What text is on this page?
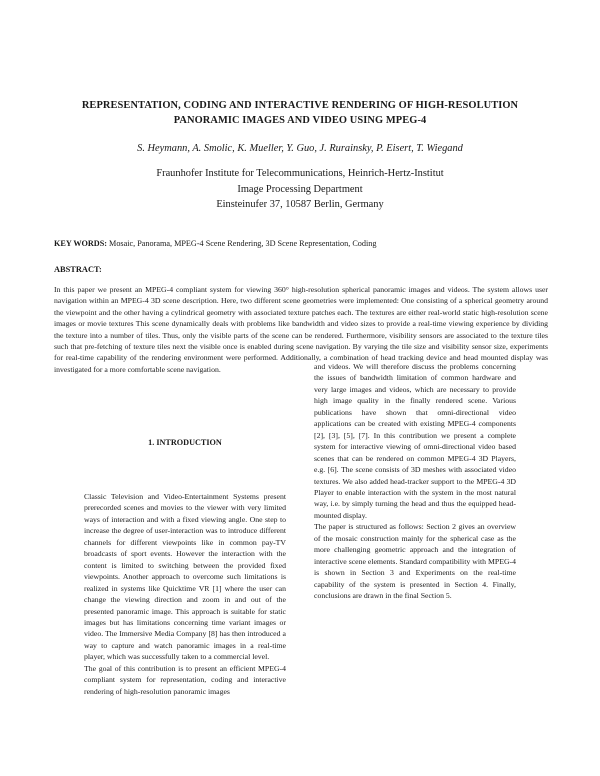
REPRESENTATION, CODING AND INTERACTIVE RENDERING OF HIGH-RESOLUTION PANORAMIC IMAGES AND VIDEO USING MPEG-4
S. Heymann, A. Smolic, K. Mueller, Y. Guo, J. Rurainsky, P. Eisert, T. Wiegand
Fraunhofer Institute for Telecommunications, Heinrich-Hertz-Institut
Image Processing Department
Einsteinufer 37, 10587 Berlin, Germany
KEY WORDS: Mosaic, Panorama, MPEG-4 Scene Rendering, 3D Scene Representation, Coding
ABSTRACT:

In this paper we present an MPEG-4 compliant system for viewing 360° high-resolution spherical panoramic images and videos. The system allows user navigation within an MPEG-4 3D scene description. Here, two different scene geometries were implemented: One consisting of a spherical geometry around the viewpoint and the other having a cylindrical geometry with associated texture patches each. The textures are either real-world static high-resolution scene images or movie textures This scene dynamically deals with problems like bandwidth and video sizes to provide a real-time viewing experience by dividing the texture into a number of tiles. Thus, only the visible parts of the scene can be rendered. Furthermore, visibility sensors are associated to the texture tiles such that pre-fetching of texture tiles next the visible once is enabled during scene navigation. By varying the tile size and visibility sensor size, experiments for real-time capability of the rendering environment were performed. Additionally, a combination of head tracking device and head mounted display was investigated for a more comfortable scene navigation.

1. INTRODUCTION

Classic Television and Video-Entertainment Systems present prerecorded scenes and movies to the viewer with very limited ways of interaction and with a fixed viewing angle. One step to increase the degree of user-interaction was to introduce different channels for different viewpoints like in common pay-TV broadcasts of sport events. However the interaction with the content is limited to switching between the provided fixed viewpoints. Another approach to overcome such limitations is realized in systems like Quicktime VR [1] where the user can change the viewing direction and zoom in and out of the presented panoramic image. This approach is suitable for static images but has limitations concerning time variant images or video. The Immersive Media Company [8] has then introduced a way to capture and watch panoramic images in a real-time player, which was successfully taken to a commercial level.

The goal of this contribution is to present an efficient MPEG-4 compliant system for representation, coding and interactive rendering of high-resolution panoramic images

and videos. We will therefore discuss the problems concerning the issues of bandwidth limitation of common hardware and very large images and videos, which are necessary to provide high image quality in the finally rendered scene. Various publications have shown that omni-directional video applications can be created with existing MPEG-4 components [2], [3], [5], [7]. In this contribution we present a complete system for interactive viewing of omni-directional video based scenes that can be rendered on common MPEG-4 3D Players, e.g. [6]. The scene consists of 3D meshes with associated video textures. We also added head-tracker support to the MPEG-4 3D Player to enable interaction with the system in the most natural way, i.e. by simply turning the head and thus the equipped head-mounted display.

The paper is structured as follows: Section 2 gives an overview of the mosaic construction mainly for the spherical case as the more challenging geometric approach and the integration of interactive scene elements. Standard compatibility with MPEG-4 is shown in Section 3 and Experiments on the real-time capability of the system is presented in Section 4. Finally, conclusions are drawn in the final Section 5.
